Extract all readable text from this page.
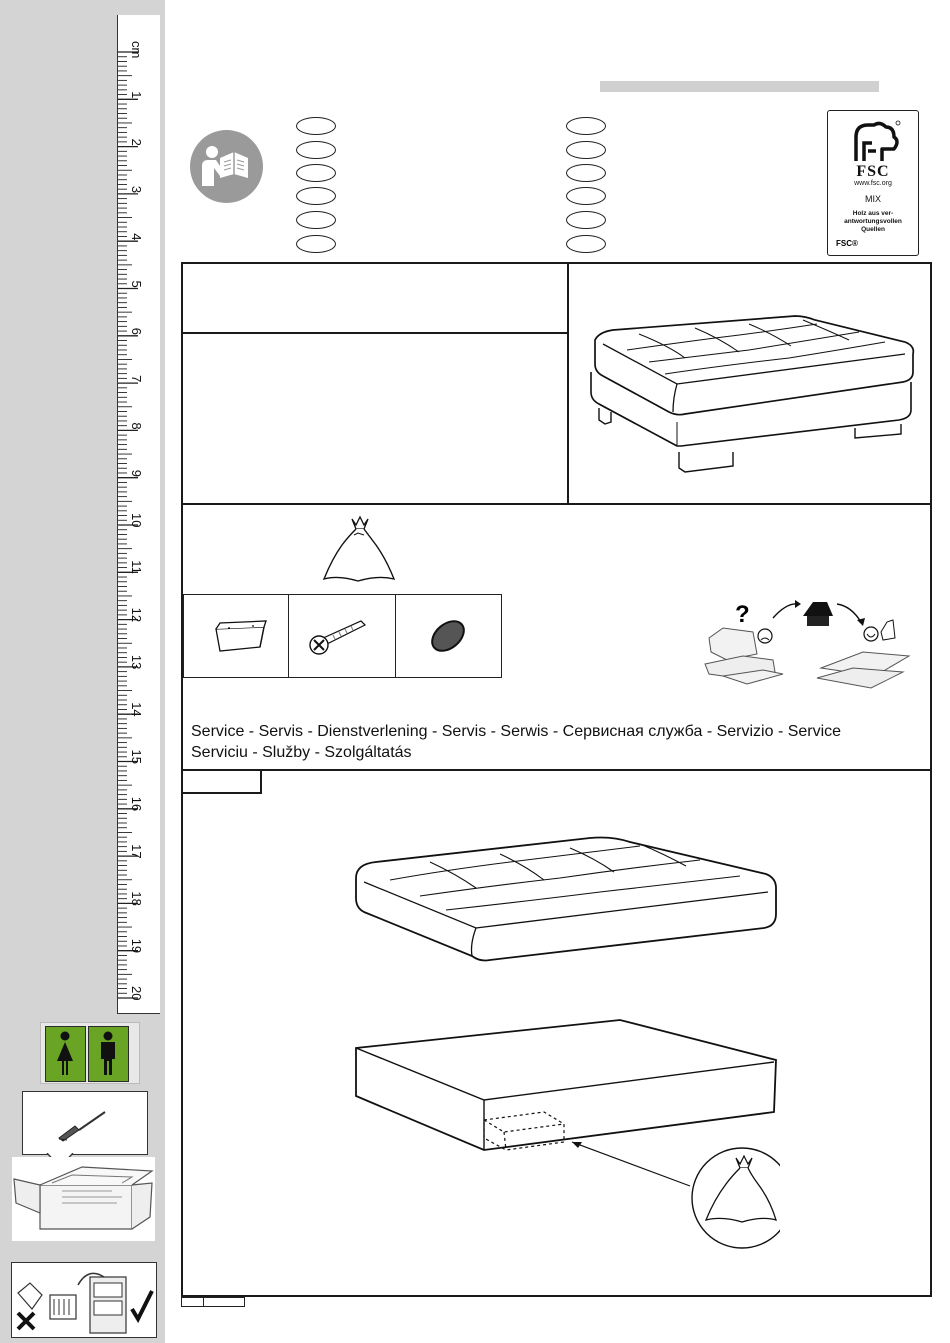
cm
1
2
3
4
5
6
7
8
9
10
11
12
13
14
15
16
17
18
19
20
FSC
www.fsc.org
MIX
Holz aus ver-
antwortungsvollen
Quellen
FSC®
?
Service - Servis - Dienstverlening - Servis - Serwis - Сервисная служба - Servizio - Service
Serviciu - Služby - Szolgáltatás
